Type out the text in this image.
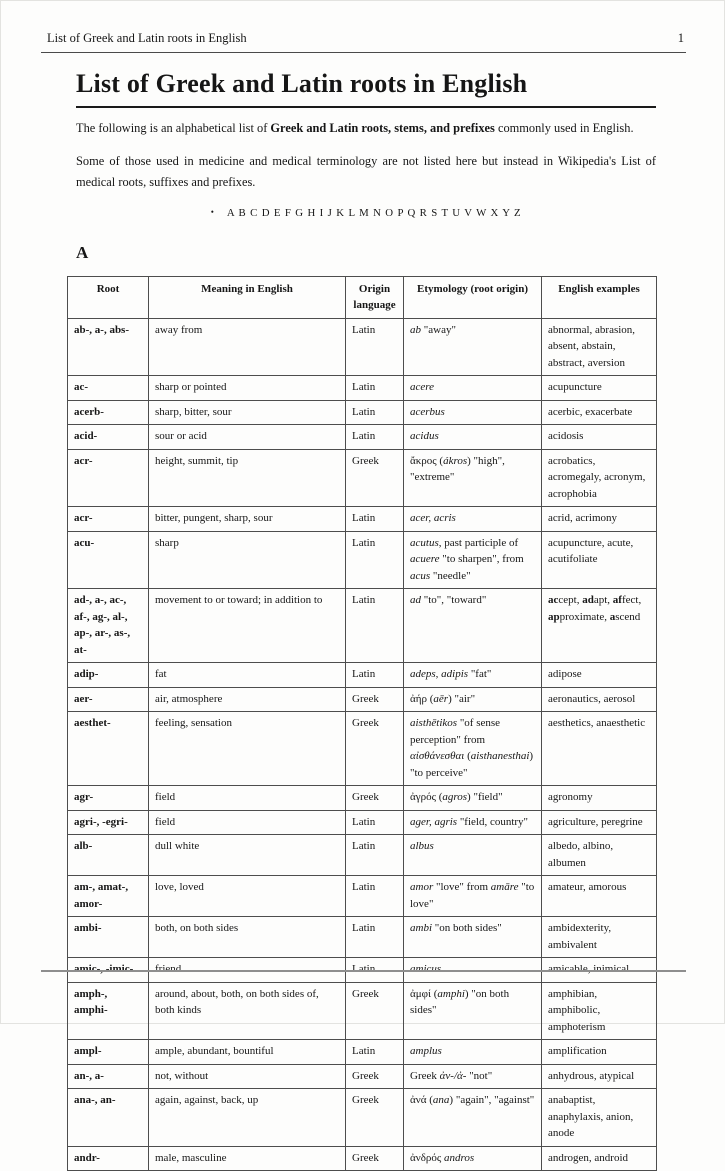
List of Greek and Latin roots in English	1
List of Greek and Latin roots in English

The following is an alphabetical list of Greek and Latin roots, stems, and prefixes commonly used in English.

Some of those used in medicine and medical terminology are not listed here but instead in Wikipedia's List of medical roots, suffixes and prefixes.

• A B C D E F G H I J K L M N O P Q R S T U V W X Y Z
A
Root	Meaning in English	Origin language	Etymology (root origin)	English examples
ab-, a-, abs-	away from	Latin	ab "away"	abnormal, abrasion, absent, abstain, abstract, aversion
ac-	sharp or pointed	Latin	acere	acupuncture
acerb-	sharp, bitter, sour	Latin	acerbus	acerbic, exacerbate
acid-	sour or acid	Latin	acidus	acidosis
acr-	height, summit, tip	Greek	ἄκρος (ákros) "high", "extreme"	acrobatics, acromegaly, acronym, acrophobia
acr-	bitter, pungent, sharp, sour	Latin	acer, acris	acrid, acrimony
acu-	sharp	Latin	acutus, past participle of acuere "to sharpen", from acus "needle"	acupuncture, acute, acutifoliate
ad-, a-, ac-, af-, ag-, al-, ap-, ar-, as-, at-	movement to or toward; in addition to	Latin	ad "to", "toward"	accept, adapt, affect, approximate, ascend
adip-	fat	Latin	adeps, adipis "fat"	adipose
aer-	air, atmosphere	Greek	ἀήρ (aēr) "air"	aeronautics, aerosol
aesthet-	feeling, sensation	Greek	aisthētikos "of sense perception" from αἰσθάνεσθαι (aisthanesthai) "to perceive"	aesthetics, anaesthetic
agr-	field	Greek	ἀγρός (agros) "field"	agronomy
agri-, -egri-	field	Latin	ager, agris "field, country"	agriculture, peregrine
alb-	dull white	Latin	albus	albedo, albino, albumen
am-, amat-, amor-	love, loved	Latin	amor "love" from amāre "to love"	amateur, amorous
ambi-	both, on both sides	Latin	ambi "on both sides"	ambidexterity, ambivalent
amic-, -imic-	friend	Latin	amicus	amicable, inimical
amph-, amphi-	around, about, both, on both sides of, both kinds	Greek	ἀμφί (amphi) "on both sides"	amphibian, amphibolic, amphoterism
ampl-	ample, abundant, bountiful	Latin	amplus	amplification
an-, a-	not, without	Greek	Greek ἀν-/ἀ- "not"	anhydrous, atypical
ana-, an-	again, against, back, up	Greek	ἀνά (ana) "again", "against"	anabaptist, anaphylaxis, anion, anode
andr-	male, masculine	Greek	ἀνδρός andros	androgen, android
